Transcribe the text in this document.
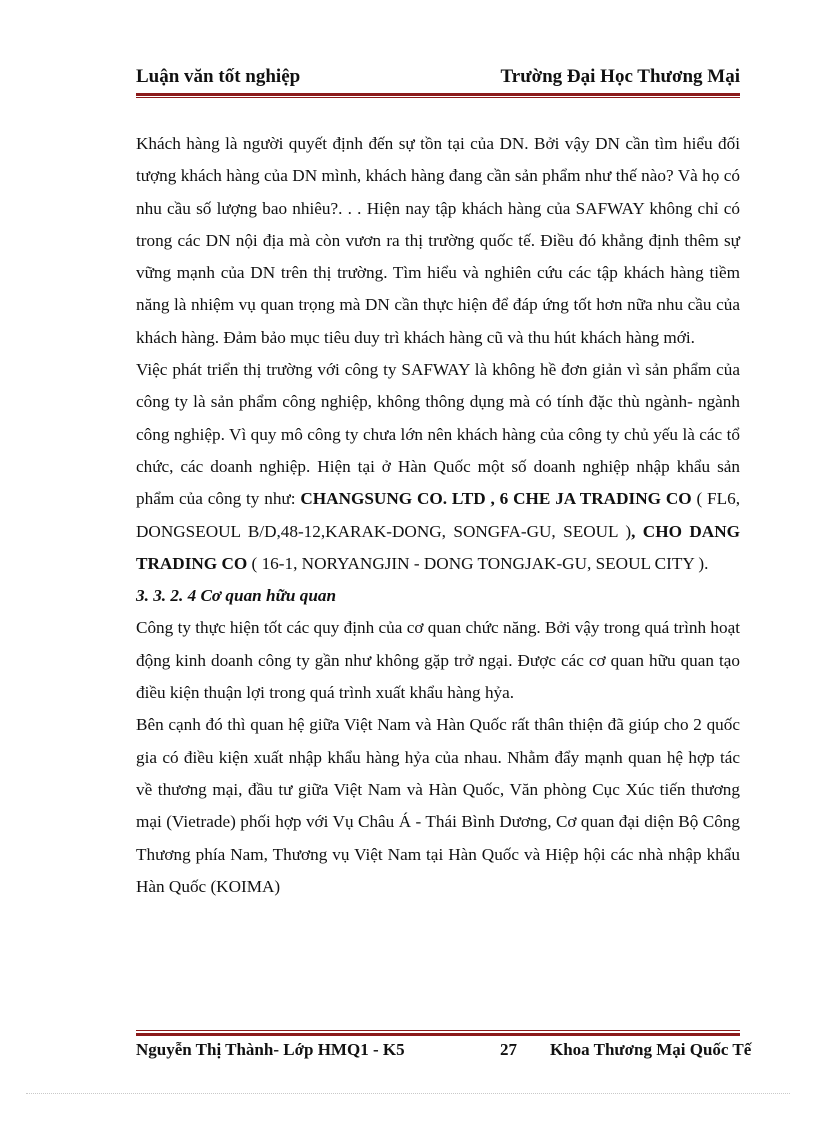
Luận văn tốt nghiệp	Trường Đại Học Thương Mại

Khách hàng là người quyết định đến sự tồn tại của DN. Bởi vậy DN cần tìm hiểu đối tượng khách hàng của DN mình, khách hàng đang cần sản phẩm như thế nào? Và họ có nhu cầu số lượng bao nhiêu?. . . Hiện nay tập khách hàng của SAFWAY không chỉ có trong các DN nội địa mà còn vươn ra thị trường quốc tế. Điều đó khẳng định thêm sự vững mạnh của DN trên thị trường. Tìm hiểu và nghiên cứu các tập khách hàng tiềm năng là nhiệm vụ quan trọng mà DN cần thực hiện để đáp ứng tốt hơn nữa nhu cầu của khách hàng. Đảm bảo mục tiêu duy trì khách hàng cũ và thu hút khách hàng mới.

Việc phát triển thị trường với công ty SAFWAY là không hề đơn giản vì sản phẩm của công ty là sản phẩm công nghiệp, không thông dụng mà có tính đặc thù ngành- ngành công nghiệp. Vì quy mô công ty chưa lớn nên khách hàng của công ty chủ yếu là các tổ chức, các doanh nghiệp. Hiện tại ở Hàn Quốc một số doanh nghiệp nhập khẩu sản phẩm của công ty như: CHANGSUNG CO. LTD , 6 CHE JA TRADING CO ( FL6, DONGSEOUL B/D,48-12,KARAK-DONG, SONGFA-GU, SEOUL ), CHO DANG TRADING CO ( 16-1, NORYANGJIN - DONG TONGJAK-GU, SEOUL CITY ).

3. 3. 2. 4 Cơ quan hữu quan

Công ty thực hiện tốt các quy định của cơ quan chức năng. Bởi vậy trong quá trình hoạt động kinh doanh công ty gần như không gặp trở ngại. Được các cơ quan hữu quan tạo điều kiện thuận lợi trong quá trình xuất khẩu hàng hỷa.

Bên cạnh đó thì quan hệ giữa Việt Nam và Hàn Quốc rất thân thiện đã giúp cho 2 quốc gia có điều kiện xuất nhập khẩu hàng hỷa của nhau. Nhằm đẩy mạnh quan hệ hợp tác về thương mại, đầu tư giữa Việt Nam và Hàn Quốc, Văn phòng Cục Xúc tiến thương mại (Vietrade) phối hợp với Vụ Châu Á - Thái Bình Dương, Cơ quan đại diện Bộ Công Thương phía Nam, Thương vụ Việt Nam tại Hàn Quốc và Hiệp hội các nhà nhập khẩu Hàn Quốc (KOIMA)

Nguyễn Thị Thành- Lớp HMQ1 - K5	27 Khoa Thương Mại Quốc Tế
